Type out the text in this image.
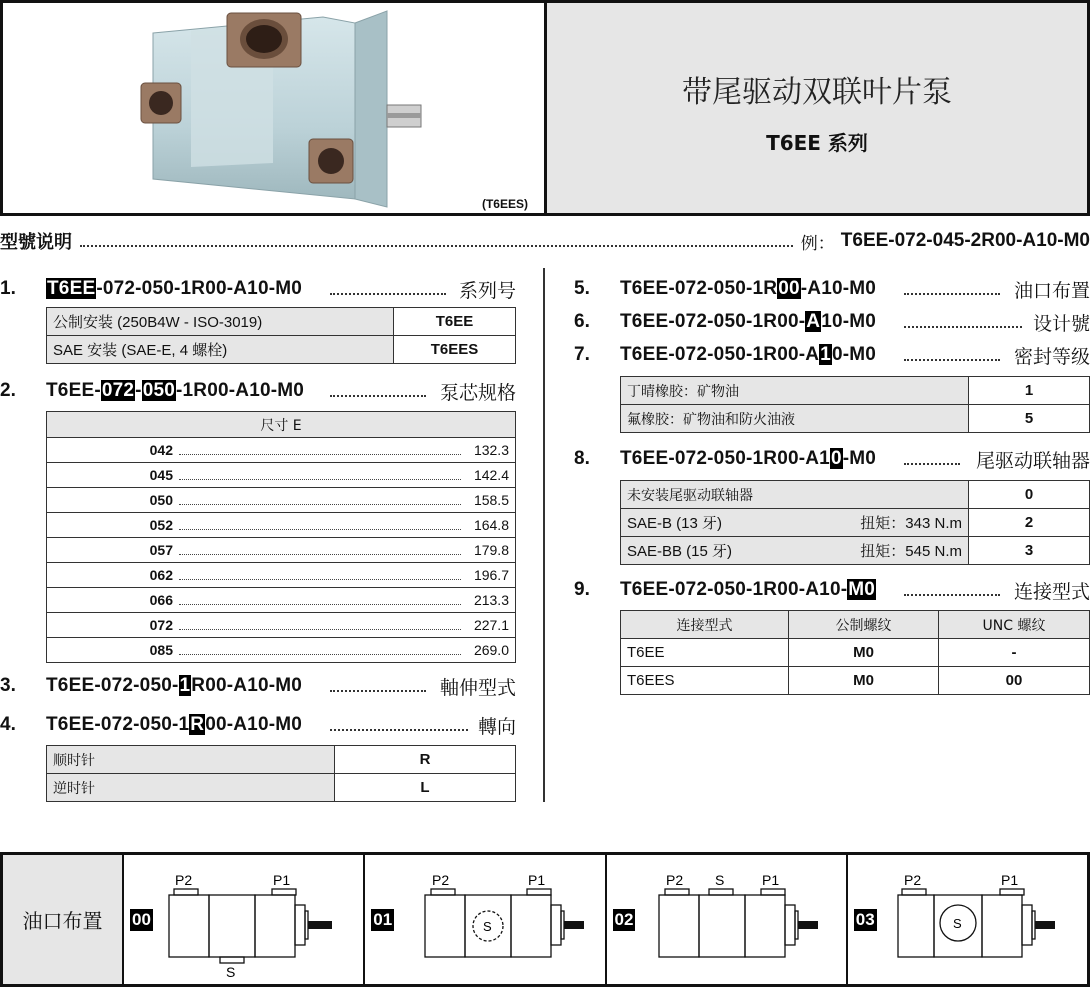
(T6EES)
带尾驱动双联叶片泵
T6EE 系列
型號说明	例： T6EE-072-045-2R00-A10-M0
1. T6EE-072-050-1R00-A10-M0	系列号
公制安装 (250B4W - ISO-3019)	T6EE
SAE 安装 (SAE-E, 4 螺栓)	T6EES
2. T6EE-072-050-1R00-A10-M0	泵芯规格
尺寸 E

042	132.3

045	142.4

050	158.5

052	164.8

057	179.8

062	196.7

066	213.3

072	227.1

085	269.0
3. T6EE-072-050-1R00-A10-M0	軸伸型式
4. T6EE-072-050-1R00-A10-M0	轉向
顺时针	R
逆时针	L
5. T6EE-072-050-1R00-A10-M0	油口布置
6. T6EE-072-050-1R00-A10-M0	设计號
7. T6EE-072-050-1R00-A10-M0	密封等级
丁晴橡胶：矿物油	1
氟橡胶：矿物油和防火油液	5
8. T6EE-072-050-1R00-A10-M0	尾驱动联轴器
未安装尾驱动联轴器	0

SAE-B (13 牙) 扭矩：343 N.m	2

SAE-BB (15 牙) 扭矩：545 N.m	3
9. T6EE-072-050-1R00-A10-M0	连接型式
连接型式	公制螺纹	UNC 螺纹
T6EE	M0	-
T6EES	M0	00
油口布置	00
P2	P1
S
01
P2	P1
S	02
P2 S	P1
03
P2	P1
S
